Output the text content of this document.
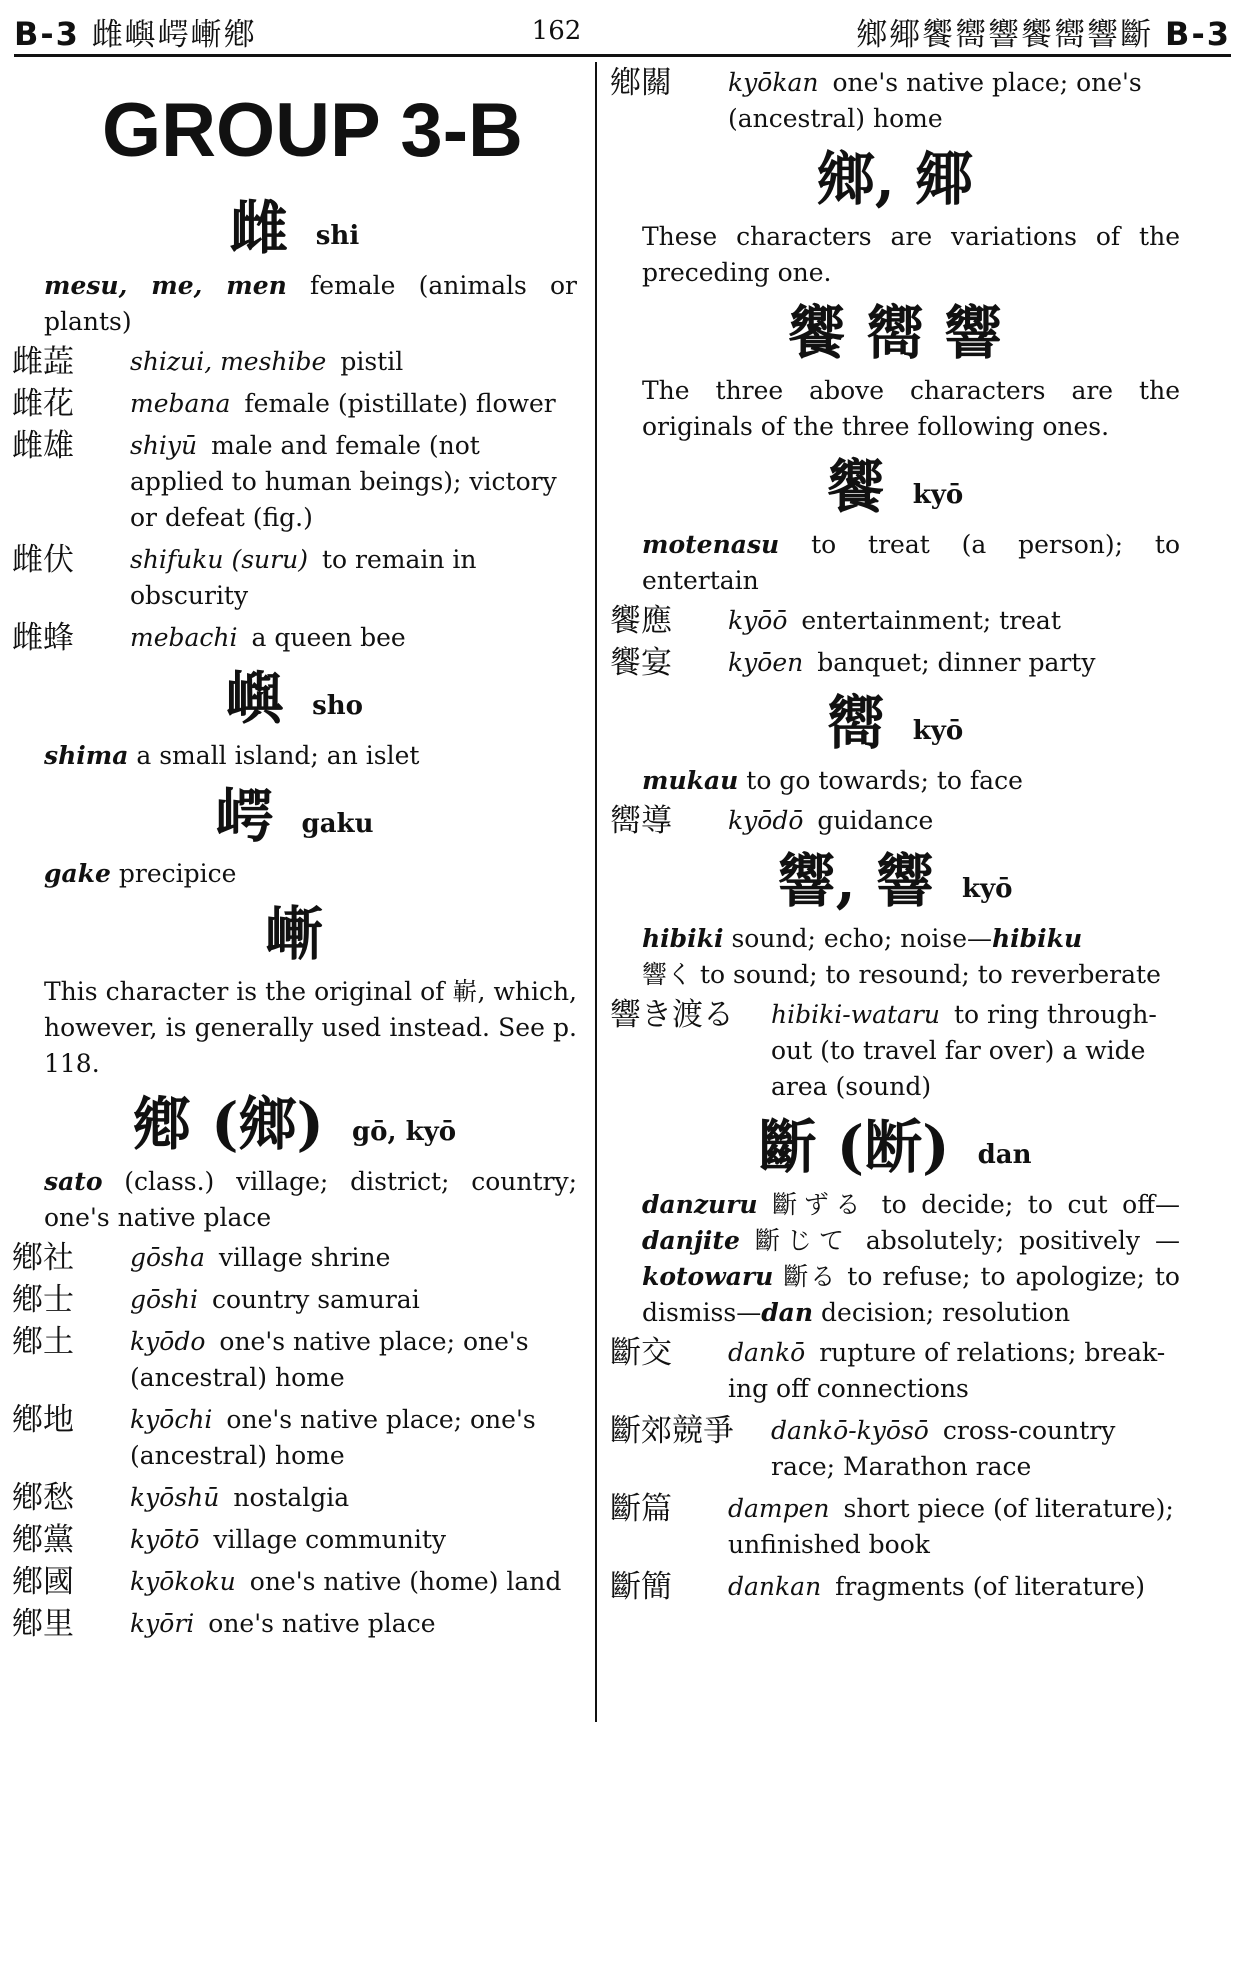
B-3 雌嶼崿嶃鄕	162	鄉鄊饗嚮響饗嚮響斷 B-3
GROUP 3-B
雌 shi
mesu, me, men female (animals or plants)
雌蕋	shizui, meshibe pistil
雌花	mebana female (pistillate) flower
雌雄	shiyū male and female (not applied to human beings); victory or defeat (fig.)
雌伏	shifuku (suru) to remain in obscurity
雌蜂	mebachi a queen bee
嶼 sho
shima a small island; an islet
崿 gaku
gake precipice
嶃
This character is the original of 嶄, which, however, is generally used instead. See p. 118.
鄕 (鄉) gō, kyō
sato (class.) village; district; country; one's native place
鄕社	gōsha village shrine
鄕士	gōshi country samurai
鄕土	kyōdo one's native place; one's (ancestral) home
鄕地	kyōchi one's native place; one's (ancestral) home
鄕愁	kyōshū nostalgia
鄕黨	kyōtō village community
鄕國	kyōkoku one's native (home) land
鄕里	kyōri one's native place
鄕關	kyōkan one's native place; one's (ancestral) home
鄉, 鄊
These characters are variations of the preceding one.
饗 嚮 響
The three above characters are the originals of the three following ones.
饗 kyō
motenasu to treat (a person); to entertain
饗應	kyōō entertainment; treat
饗宴	kyōen banquet; dinner party
嚮 kyō
mukau to go towards; to face
嚮導	kyōdō guidance
響, 響 kyō
hibiki sound; echo; noise—hibiku
響く to sound; to resound; to reverberate
響き渡る	hibiki-wataru to ring through-out (to travel far over) a wide area (sound)
斷 (断) dan
danzuru 斷ずる to decide; to cut off—danjite 斷じて absolutely; positively — kotowaru 斷る to refuse; to apologize; to dismiss—dan decision; resolution
斷交	dankō rupture of relations; break-ing off connections
斷郊競爭	dankō-kyōsō cross-country race; Marathon race
斷篇	dampen short piece (of literature); unfinished book
斷簡	dankan fragments (of literature)
